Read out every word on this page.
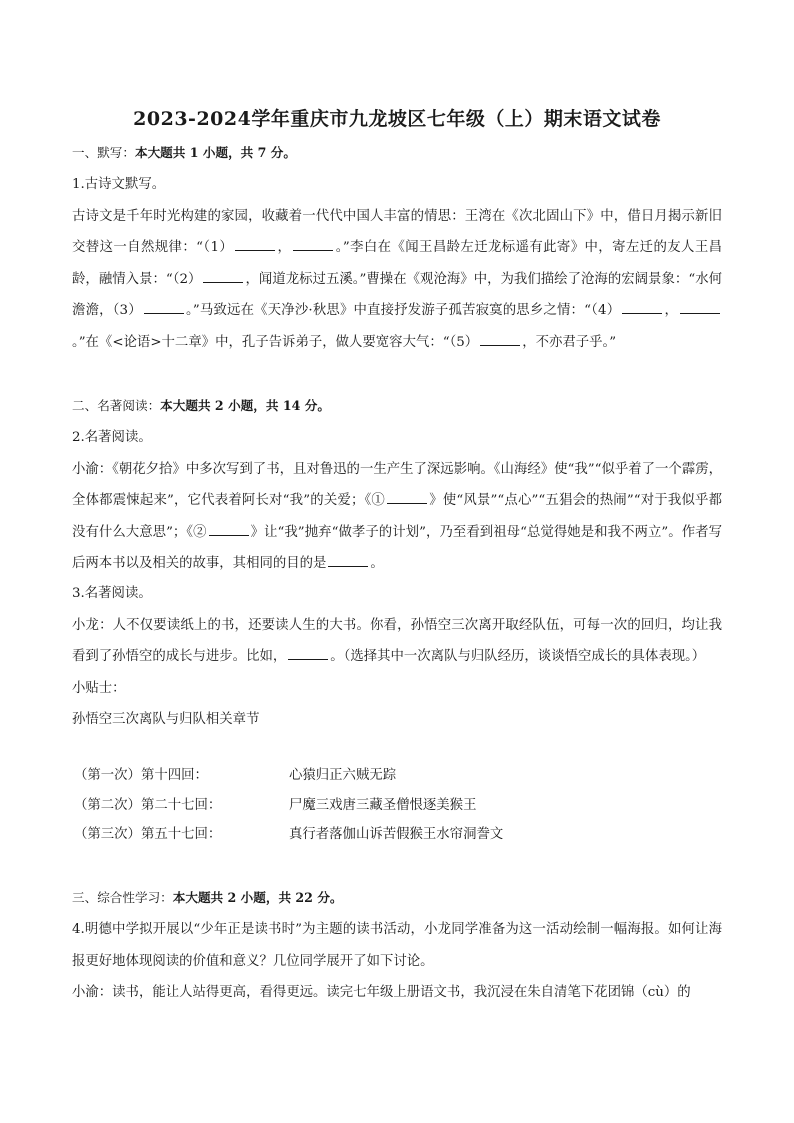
2023-2024学年重庆市九龙坡区七年级（上）期末语文试卷
一、默写：本大题共 1 小题，共 7 分。

1.古诗文默写。

古诗文是千年时光构建的家园，收藏着一代代中国人丰富的情思：王湾在《次北固山下》中，借日月揭示新旧交替这一自然规律：“（1）	，	。”李白在《闻王昌龄左迁龙标遥有此寄》中，寄左迁的友人王昌龄，融情入景：“（2）	，闻道龙标过五溪。”曹操在《观沧海》中，为我们描绘了沧海的宏阔景象：“水何澹澹，（3）	。”马致远在《天净沙·秋思》中直接抒发游子孤苦寂寞的思乡之情：“（4）	，。”在《<论语>十二章》中，孔子告诉弟子，做人要宽容大气：“（5）	，不亦君子乎。”

二、名著阅读：本大题共 2 小题，共 14 分。

2.名著阅读。

小渝：《朝花夕拾》中多次写到了书，且对鲁迅的一生产生了深远影响。《山海经》使“我”“似乎着了一个霹雳，全体都震悚起来”，它代表着阿长对“我”的关爱；《①	》使“风景”“点心”“五猖会的热闹”“对于我似乎都没有什么大意思”；《②	》让“我”抛弃“做孝子的计划”，乃至看到祖母“总觉得她是和我不两立”。作者写后两本书以及相关的故事，其相同的目的是	。

3.名著阅读。

小龙：人不仅要读纸上的书，还要读人生的大书。你看，孙悟空三次离开取经队伍，可每一次的回归，均让我看到了孙悟空的成长与进步。比如，	。（选择其中一次离队与归队经历，谈谈悟空成长的具体表现。）

小贴士：

孙悟空三次离队与归队相关章节

（第一次）第十四回：	心猿归正六贼无踪
（第二次）第二十七回：	尸魔三戏唐三藏圣僧恨逐美猴王
（第三次）第五十七回：	真行者落伽山诉苦假猴王水帘洞誊文
三、综合性学习：本大题共 2 小题，共 22 分。

4.明德中学拟开展以“少年正是读书时”为主题的读书活动，小龙同学准备为这一活动绘制一幅海报。如何让海报更好地体现阅读的价值和意义？几位同学展开了如下讨论。

小渝：读书，能让人站得更高，看得更远。读完七年级上册语文书，我沉浸在朱自清笔下花团锦（cù）的
